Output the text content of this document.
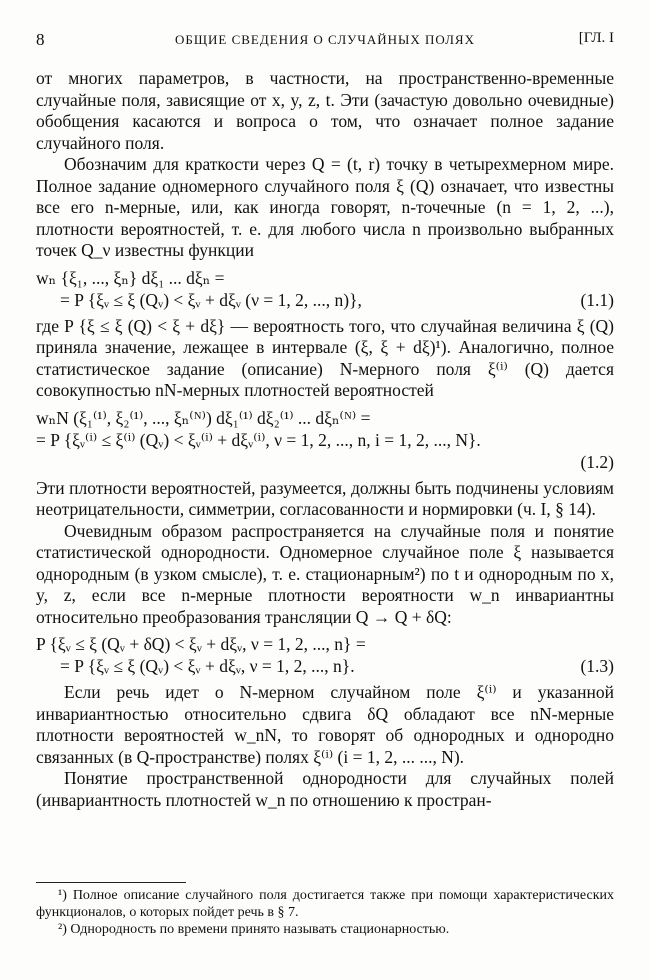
8	ОБЩИЕ СВЕДЕНИЯ О СЛУЧАЙНЫХ ПОЛЯХ	[ГЛ. I

от многих параметров, в частности, на пространственно-временные случайные поля, зависящие от x, y, z, t. Эти (зачастую довольно очевидные) обобщения касаются и вопроса о том, что означает полное задание случайного поля.

Обозначим для краткости через Q = (t, r) точку в четырехмерном мире. Полное задание одномерного случайного поля ξ (Q) означает, что известны все его n-мерные, или, как иногда говорят, n-точечные (n = 1, 2, ...), плотности вероятностей, т. е. для любого числа n произвольно выбранных точек Q_ν известны функции

wₙ {ξ₁, ..., ξₙ} dξ₁ ... dξₙ =
= P {ξᵥ ≤ ξ (Qᵥ) < ξᵥ + dξᵥ (ν = 1, 2, ..., n)},	(1.1)

где P {ξ ≤ ξ (Q) < ξ + dξ} — вероятность того, что случайная величина ξ (Q) приняла значение, лежащее в интервале (ξ, ξ + dξ)¹). Аналогично, полное статистическое задание (описание) N-мерного поля ξ⁽ⁱ⁾ (Q) дается совокупностью nN-мерных плотностей вероятностей

wₙN (ξ₁⁽¹⁾, ξ₂⁽¹⁾, ..., ξₙ⁽ᴺ⁾) dξ₁⁽¹⁾ dξ₂⁽¹⁾ ... dξₙ⁽ᴺ⁾ =
= P {ξᵥ⁽ⁱ⁾ ≤ ξ⁽ⁱ⁾ (Qᵥ) < ξᵥ⁽ⁱ⁾ + dξᵥ⁽ⁱ⁾, ν = 1, 2, ..., n, i = 1, 2, ..., N}.
(1.2)

Эти плотности вероятностей, разумеется, должны быть подчинены условиям неотрицательности, симметрии, согласованности и нормировки (ч. I, § 14).

Очевидным образом распространяется на случайные поля и понятие статистической однородности. Одномерное случайное поле ξ называется однородным (в узком смысле), т. е. стационарным²) по t и однородным по x, y, z, если все n-мерные плотности вероятности w_n инвариантны относительно преобразования трансляции Q → Q + δQ:

P {ξᵥ ≤ ξ (Qᵥ + δQ) < ξᵥ + dξᵥ, ν = 1, 2, ..., n} =
= P {ξᵥ ≤ ξ (Qᵥ) < ξᵥ + dξᵥ, ν = 1, 2, ..., n}.	(1.3)

Если речь идет о N-мерном случайном поле ξ⁽ⁱ⁾ и указанной инвариантностью относительно сдвига δQ обладают все nN-мерные плотности вероятностей w_nN, то говорят об однородных и однородно связанных (в Q-пространстве) полях ξ⁽ⁱ⁾ (i = 1, 2, ... ..., N).

Понятие пространственной однородности для случайных полей (инвариантность плотностей w_n по отношению к простран-

¹) Полное описание случайного поля достигается также при помощи характеристических функционалов, о которых пойдет речь в § 7.

²) Однородность по времени принято называть стационарностью.
